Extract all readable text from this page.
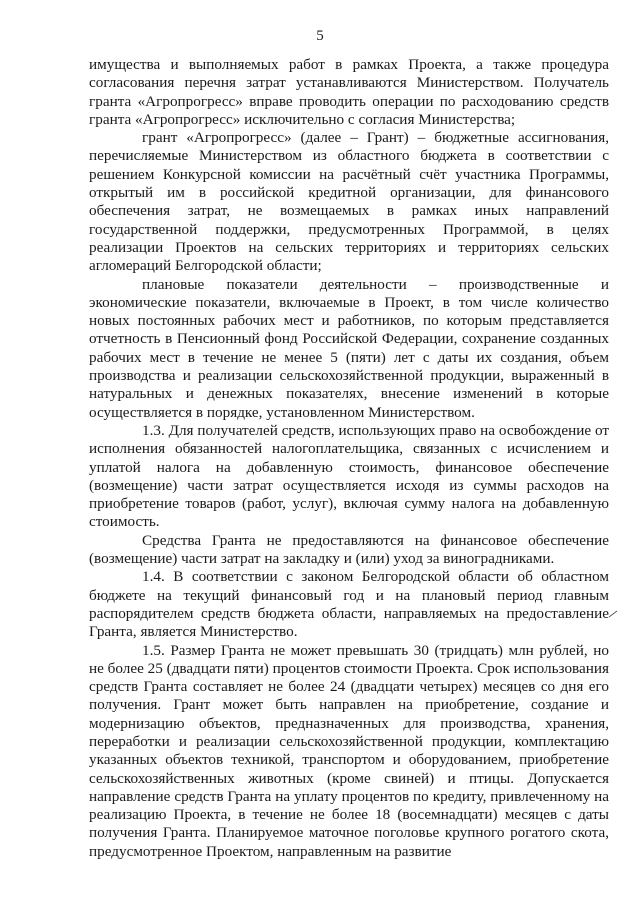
5

имущества и выполняемых работ в рамках Проекта, а также процедура согласования перечня затрат устанавливаются Министерством. Получатель гранта «Агропрогресс» вправе проводить операции по расходованию средств гранта «Агропрогресс» исключительно с согласия Министерства;

грант «Агропрогресс» (далее – Грант) – бюджетные ассигнования, перечисляемые Министерством из областного бюджета в соответствии с решением Конкурсной комиссии на расчётный счёт участника Программы, открытый им в российской кредитной организации, для финансового обеспечения затрат, не возмещаемых в рамках иных направлений государственной поддержки, предусмотренных Программой, в целях реализации Проектов на сельских территориях и территориях сельских агломераций Белгородской области;

плановые показатели деятельности – производственные и экономические показатели, включаемые в Проект, в том числе количество новых постоянных рабочих мест и работников, по которым представляется отчетность в Пенсионный фонд Российской Федерации, сохранение созданных рабочих мест в течение не менее 5 (пяти) лет с даты их создания, объем производства и реализации сельскохозяйственной продукции, выраженный в натуральных и денежных показателях, внесение изменений в которые осуществляется в порядке, установленном Министерством.

1.3. Для получателей средств, использующих право на освобождение от исполнения обязанностей налогоплательщика, связанных с исчислением и уплатой налога на добавленную стоимость, финансовое обеспечение (возмещение) части затрат осуществляется исходя из суммы расходов на приобретение товаров (работ, услуг), включая сумму налога на добавленную стоимость.

Средства Гранта не предоставляются на финансовое обеспечение (возмещение) части затрат на закладку и (или) уход за виноградниками.

1.4. В соответствии с законом Белгородской области об областном бюджете на текущий финансовый год и на плановый период главным распорядителем средств бюджета области, направляемых на предоставление Гранта, является Министерство.

1.5. Размер Гранта не может превышать 30 (тридцать) млн рублей, но не более 25 (двадцати пяти) процентов стоимости Проекта. Срок использования средств Гранта составляет не более 24 (двадцати четырех) месяцев со дня его получения. Грант может быть направлен на приобретение, создание и модернизацию объектов, предназначенных для производства, хранения, переработки и реализации сельскохозяйственной продукции, комплектацию указанных объектов техникой, транспортом и оборудованием, приобретение сельскохозяйственных животных (кроме свиней) и птицы. Допускается направление средств Гранта на уплату процентов по кредиту, привлеченному на реализацию Проекта, в течение не более 18 (восемнадцати) месяцев с даты получения Гранта. Планируемое маточное поголовье крупного рогатого скота, предусмотренное Проектом, направленным на развитие
